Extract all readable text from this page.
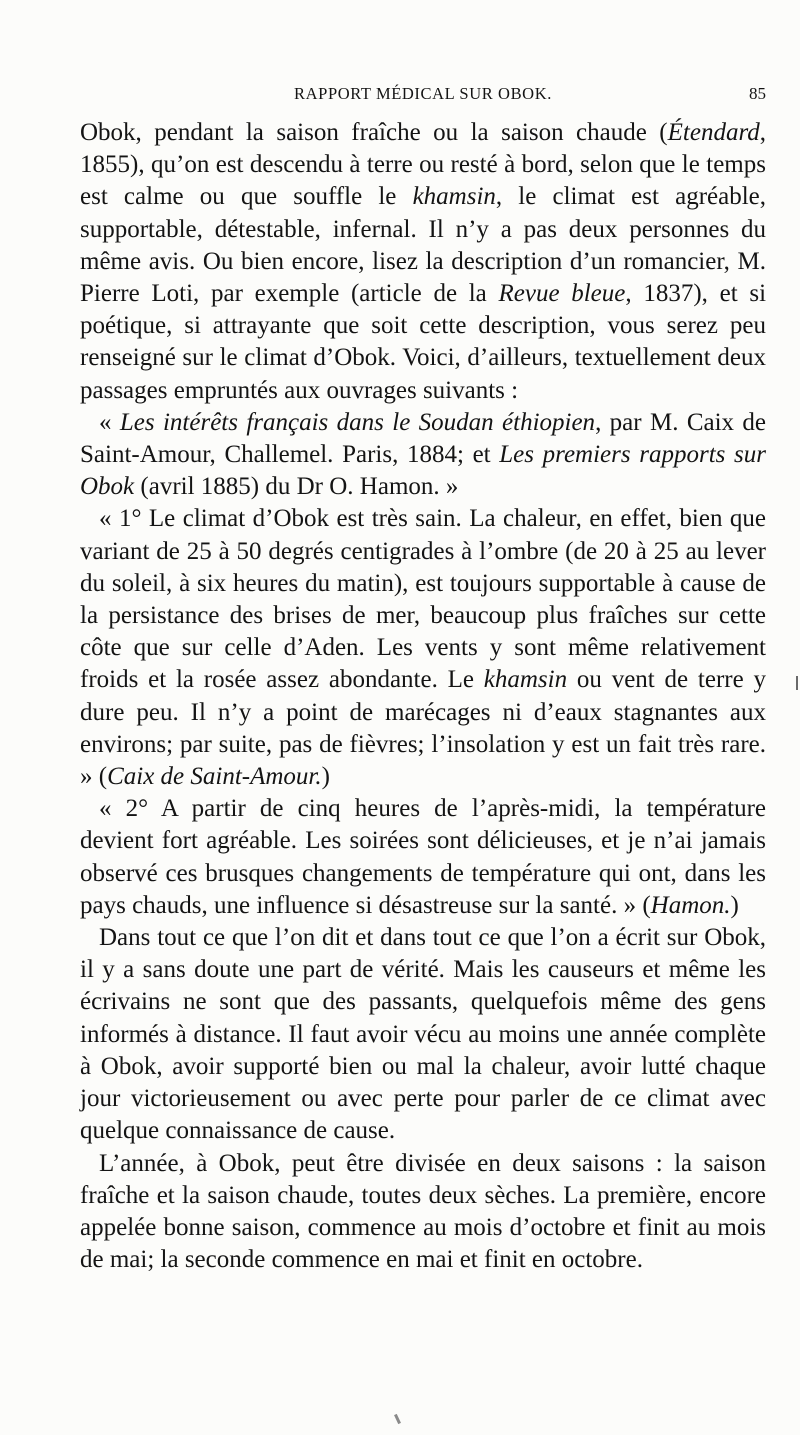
RAPPORT MÉDICAL SUR OBOK.	85

Obok, pendant la saison fraîche ou la saison chaude (Étendard, 1855), qu’on est descendu à terre ou resté à bord, selon que le temps est calme ou que souffle le khamsin, le climat est agréable, supportable, détestable, infernal. Il n’y a pas deux personnes du même avis. Ou bien encore, lisez la description d’un romancier, M. Pierre Loti, par exemple (article de la Revue bleue, 1837), et si poétique, si attrayante que soit cette description, vous serez peu renseigné sur le climat d’Obok. Voici, d’ailleurs, textuellement deux passages empruntés aux ouvrages suivants :

« Les intérêts français dans le Soudan éthiopien, par M. Caix de Saint-Amour, Challemel. Paris, 1884; et Les premiers rapports sur Obok (avril 1885) du Dr O. Hamon. »

« 1° Le climat d’Obok est très sain. La chaleur, en effet, bien que variant de 25 à 50 degrés centigrades à l’ombre (de 20 à 25 au lever du soleil, à six heures du matin), est toujours supportable à cause de la persistance des brises de mer, beaucoup plus fraîches sur cette côte que sur celle d’Aden. Les vents y sont même relativement froids et la rosée assez abondante. Le khamsin ou vent de terre y dure peu. Il n’y a point de marécages ni d’eaux stagnantes aux environs; par suite, pas de fièvres; l’insolation y est un fait très rare. » (Caix de Saint-Amour.)

« 2° A partir de cinq heures de l’après-midi, la température devient fort agréable. Les soirées sont délicieuses, et je n’ai jamais observé ces brusques changements de température qui ont, dans les pays chauds, une influence si désastreuse sur la santé. » (Hamon.)

Dans tout ce que l’on dit et dans tout ce que l’on a écrit sur Obok, il y a sans doute une part de vérité. Mais les causeurs et même les écrivains ne sont que des passants, quelquefois même des gens informés à distance. Il faut avoir vécu au moins une année complète à Obok, avoir supporté bien ou mal la chaleur, avoir lutté chaque jour victorieusement ou avec perte pour parler de ce climat avec quelque connaissance de cause.

L’année, à Obok, peut être divisée en deux saisons : la saison fraîche et la saison chaude, toutes deux sèches. La première, encore appelée bonne saison, commence au mois d’octobre et finit au mois de mai; la seconde commence en mai et finit en octobre.
